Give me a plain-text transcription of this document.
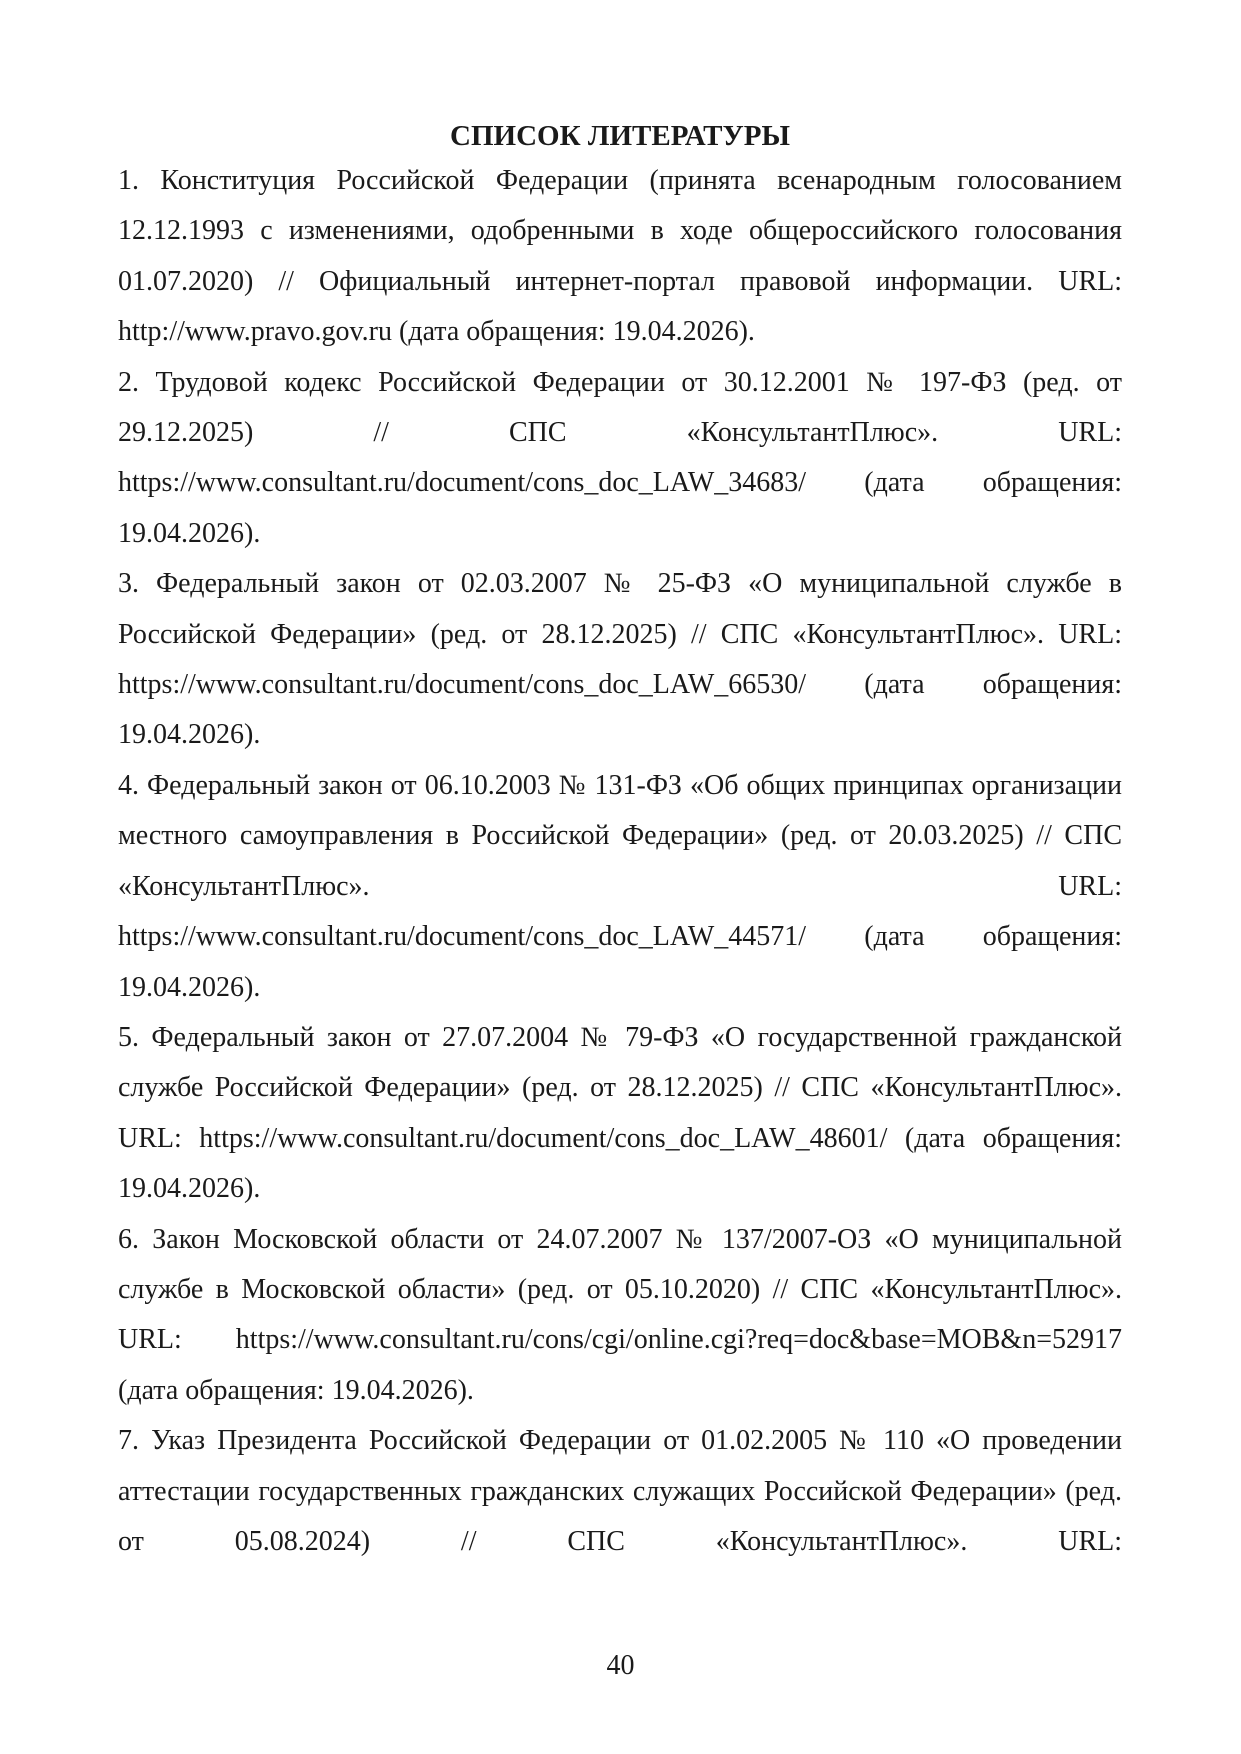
СПИСОК ЛИТЕРАТУРЫ

1. Конституция Российской Федерации (принята всенародным голосованием 12.12.1993 с изменениями, одобренными в ходе общероссийского голосования 01.07.2020) // Официальный интернет-портал правовой информации. URL: http://www.pravo.gov.ru (дата обращения: 19.04.2026).

2. Трудовой кодекс Российской Федерации от 30.12.2001 № 197-ФЗ (ред. от 29.12.2025) // СПС «КонсультантПлюс». URL: https://www.consultant.ru/document/cons_doc_LAW_34683/ (дата обращения: 19.04.2026).

3. Федеральный закон от 02.03.2007 № 25-ФЗ «О муниципальной службе в Российской Федерации» (ред. от 28.12.2025) // СПС «КонсультантПлюс». URL: https://www.consultant.ru/document/cons_doc_LAW_66530/ (дата обращения: 19.04.2026).

4. Федеральный закон от 06.10.2003 № 131-ФЗ «Об общих принципах организации местного самоуправления в Российской Федерации» (ред. от 20.03.2025) // СПС «КонсультантПлюс». URL: https://www.consultant.ru/document/cons_doc_LAW_44571/ (дата обращения: 19.04.2026).

5. Федеральный закон от 27.07.2004 № 79-ФЗ «О государственной гражданской службе Российской Федерации» (ред. от 28.12.2025) // СПС «КонсультантПлюс». URL: https://www.consultant.ru/document/cons_doc_LAW_48601/ (дата обращения: 19.04.2026).

6. Закон Московской области от 24.07.2007 № 137/2007-ОЗ «О муниципальной службе в Московской области» (ред. от 05.10.2020) // СПС «КонсультантПлюс». URL: https://www.consultant.ru/cons/cgi/online.cgi?req=doc&base=MOB&n=52917 (дата обращения: 19.04.2026).

7. Указ Президента Российской Федерации от 01.02.2005 № 110 «О проведении аттестации государственных гражданских служащих Российской Федерации» (ред. от 05.08.2024) // СПС «КонсультантПлюс». URL:

40
